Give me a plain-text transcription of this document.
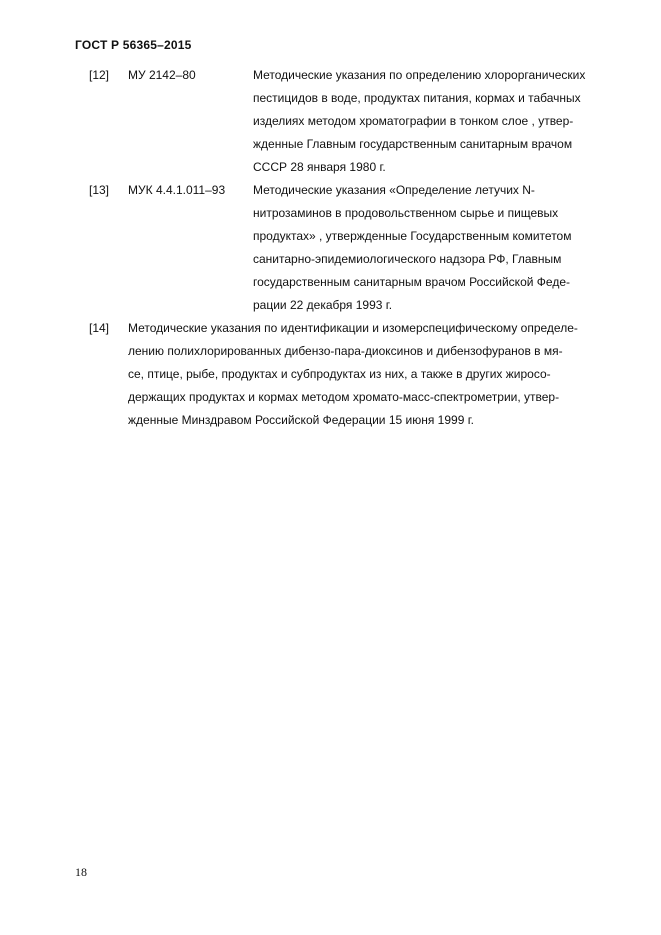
ГОСТ Р 56365–2015
[12] МУ 2142–80	Методические указания по определению хлорорганических
пестицидов в воде, продуктах питания, кормах и табачных
изделиях методом хроматографии в тонком слое , утвер-
жденные Главным государственным санитарным врачом
СССР 28 января 1980 г.
[13] МУК 4.4.1.011–93 Методические указания «Определение летучих N-
нитрозаминов в продовольственном сырье и пищевых
продуктах» , утвержденные Государственным комитетом
санитарно-эпидемиологического надзора РФ, Главным
государственным санитарным врачом Российской Феде-
рации 22 декабря 1993 г.
[14] Методические указания по идентификации и изомерспецифическому определе-
лению полихлорированных дибензо-пара-диоксинов и дибензофуранов в мя-
се, птице, рыбе, продуктах и субпродуктах из них, а также в других жиросо-
держащих продуктах и кормах методом хромато-масс-спектрометрии, утвер-
жденные Минздравом Российской Федерации 15 июня 1999 г.
18
